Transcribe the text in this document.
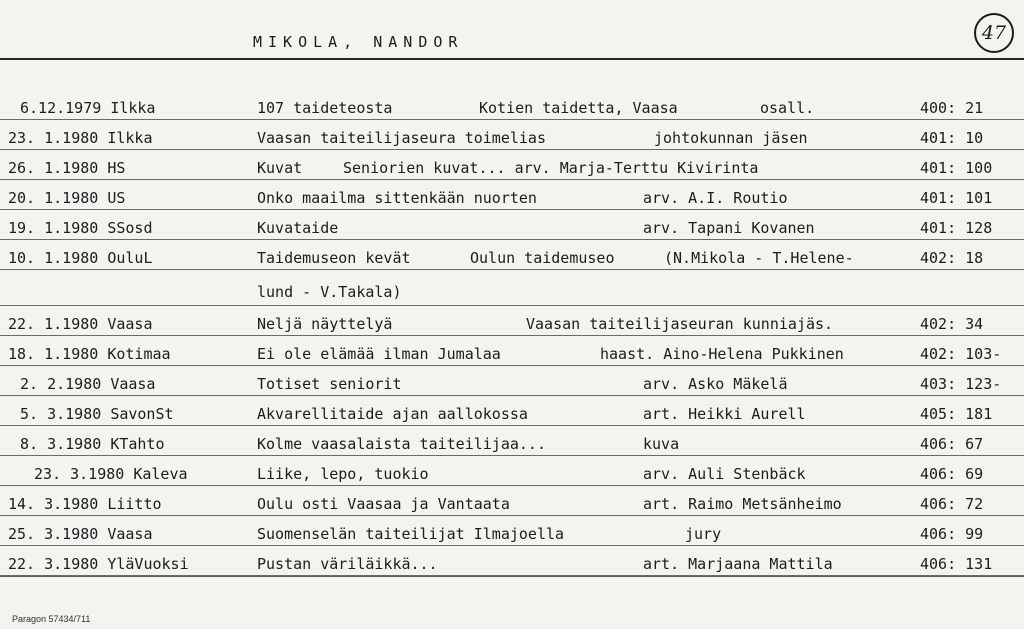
MIKOLA, NANDOR	47
6.12.1979 Ilkka	107 taideteosta	Kotien taidetta, Vaasa	osall.	400: 21
23. 1.1980 Ilkka	Vaasan taiteilijaseura toimelias	johtokunnan jäsen	401: 10
26. 1.1980 HS	Kuvat	Seniorien kuvat... arv. Marja-Terttu Kivirinta	401: 100
20. 1.1980 US	Onko maailma sittenkään nuorten	arv. A.I. Routio	401: 101
19. 1.1980 SSosd	Kuvataide	arv. Tapani Kovanen	401: 128
10. 1.1980 OuluL	Taidemuseon kevät	Oulun taidemuseo	(N.Mikola - T.Helene-	402: 18
lund - V.Takala)
22. 1.1980 Vaasa	Neljä näyttelyä	Vaasan taiteilijaseuran kunniajäs.	402: 34
18. 1.1980 Kotimaa	Ei ole elämää ilman Jumalaa	haast. Aino-Helena Pukkinen	402: 103-
2. 2.1980 Vaasa	Totiset seniorit	arv. Asko Mäkelä	403: 123-
5. 3.1980 SavonSt	Akvarellitaide ajan aallokossa	art. Heikki Aurell	405: 181
8. 3.1980 KTahto	Kolme vaasalaista taiteilijaa...	kuva	406: 67
23. 3.1980 Kaleva	Liike, lepo, tuokio	arv. Auli Stenbäck	406: 69
14. 3.1980 Liitto	Oulu osti Vaasaa ja Vantaata	art. Raimo Metsänheimo	406: 72
25. 3.1980 Vaasa	Suomenselän taiteilijat Ilmajoella	jury	406: 99
22. 3.1980 YläVuoksi	Pustan väriläikkä...	art. Marjaana Mattila	406: 131
Paragon 57434/711
